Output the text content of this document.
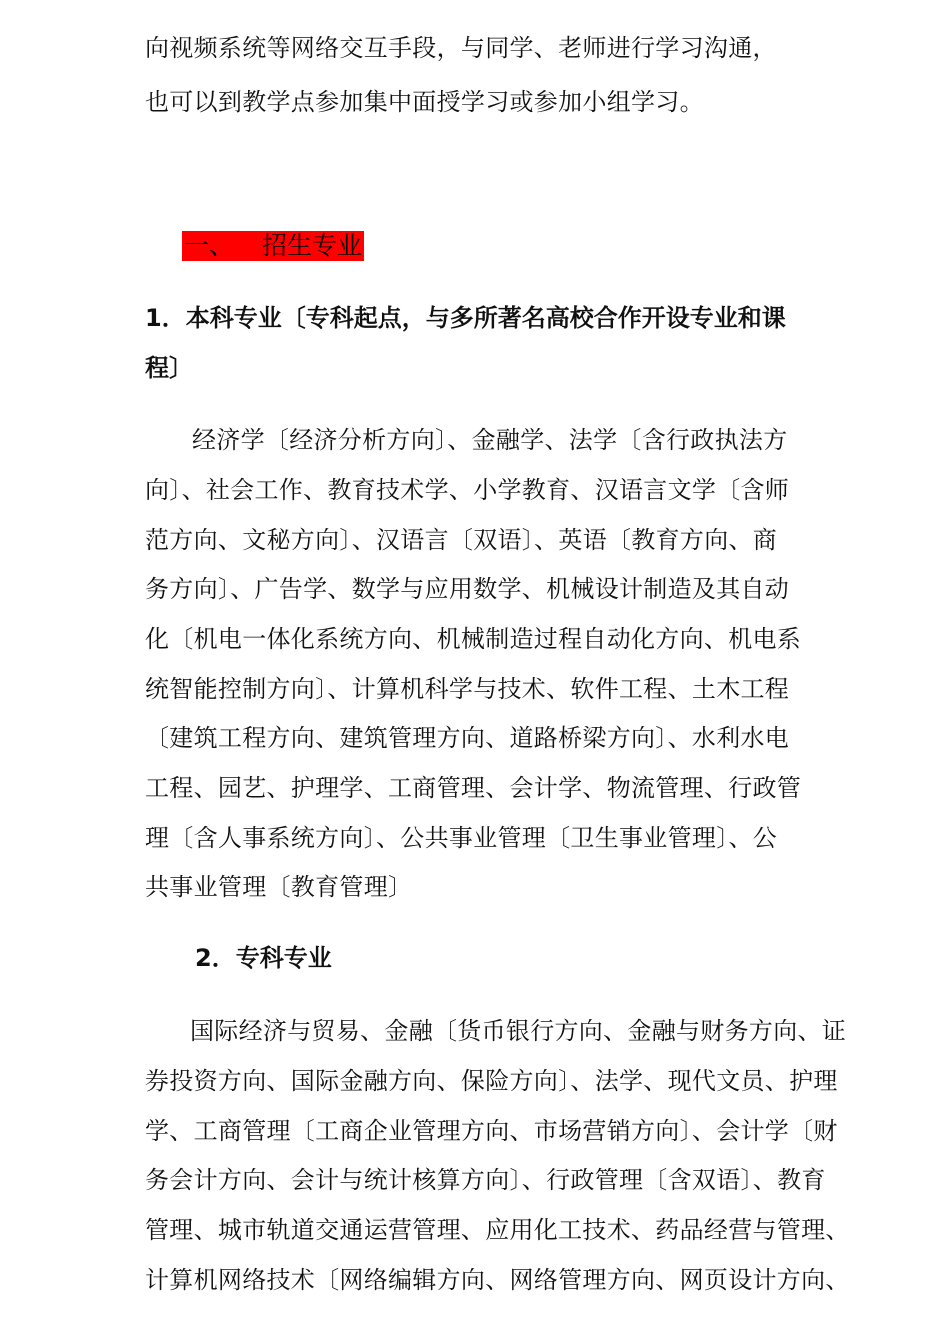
向视频系统等网络交互手段，与同学、老师进行学习沟通，

也可以到教学点参加集中面授学习或参加小组学习。

一、 招生专业

1．本科专业〔专科起点，与多所著名高校合作开设专业和课

程〕

经济学〔经济分析方向〕、金融学、法学〔含行政执法方

向〕、社会工作、教育技术学、小学教育、汉语言文学〔含师

范方向、文秘方向〕、汉语言〔双语〕、英语〔教育方向、商

务方向〕、广告学、数学与应用数学、机械设计制造及其自动

化〔机电一体化系统方向、机械制造过程自动化方向、机电系

统智能控制方向〕、计算机科学与技术、软件工程、土木工程

〔建筑工程方向、建筑管理方向、道路桥梁方向〕、水利水电

工程、园艺、护理学、工商管理、会计学、物流管理、行政管

理〔含人事系统方向〕、公共事业管理〔卫生事业管理〕、公

共事业管理〔教育管理〕

2．专科专业

国际经济与贸易、金融〔货币银行方向、金融与财务方向、证

券投资方向、国际金融方向、保险方向〕、法学、现代文员、护理

学、工商管理〔工商企业管理方向、市场营销方向〕、会计学〔财

务会计方向、会计与统计核算方向〕、行政管理〔含双语〕、教育

管理、城市轨道交通运营管理、应用化工技术、药品经营与管理、

计算机网络技术〔网络编辑方向、网络管理方向、网页设计方向、
